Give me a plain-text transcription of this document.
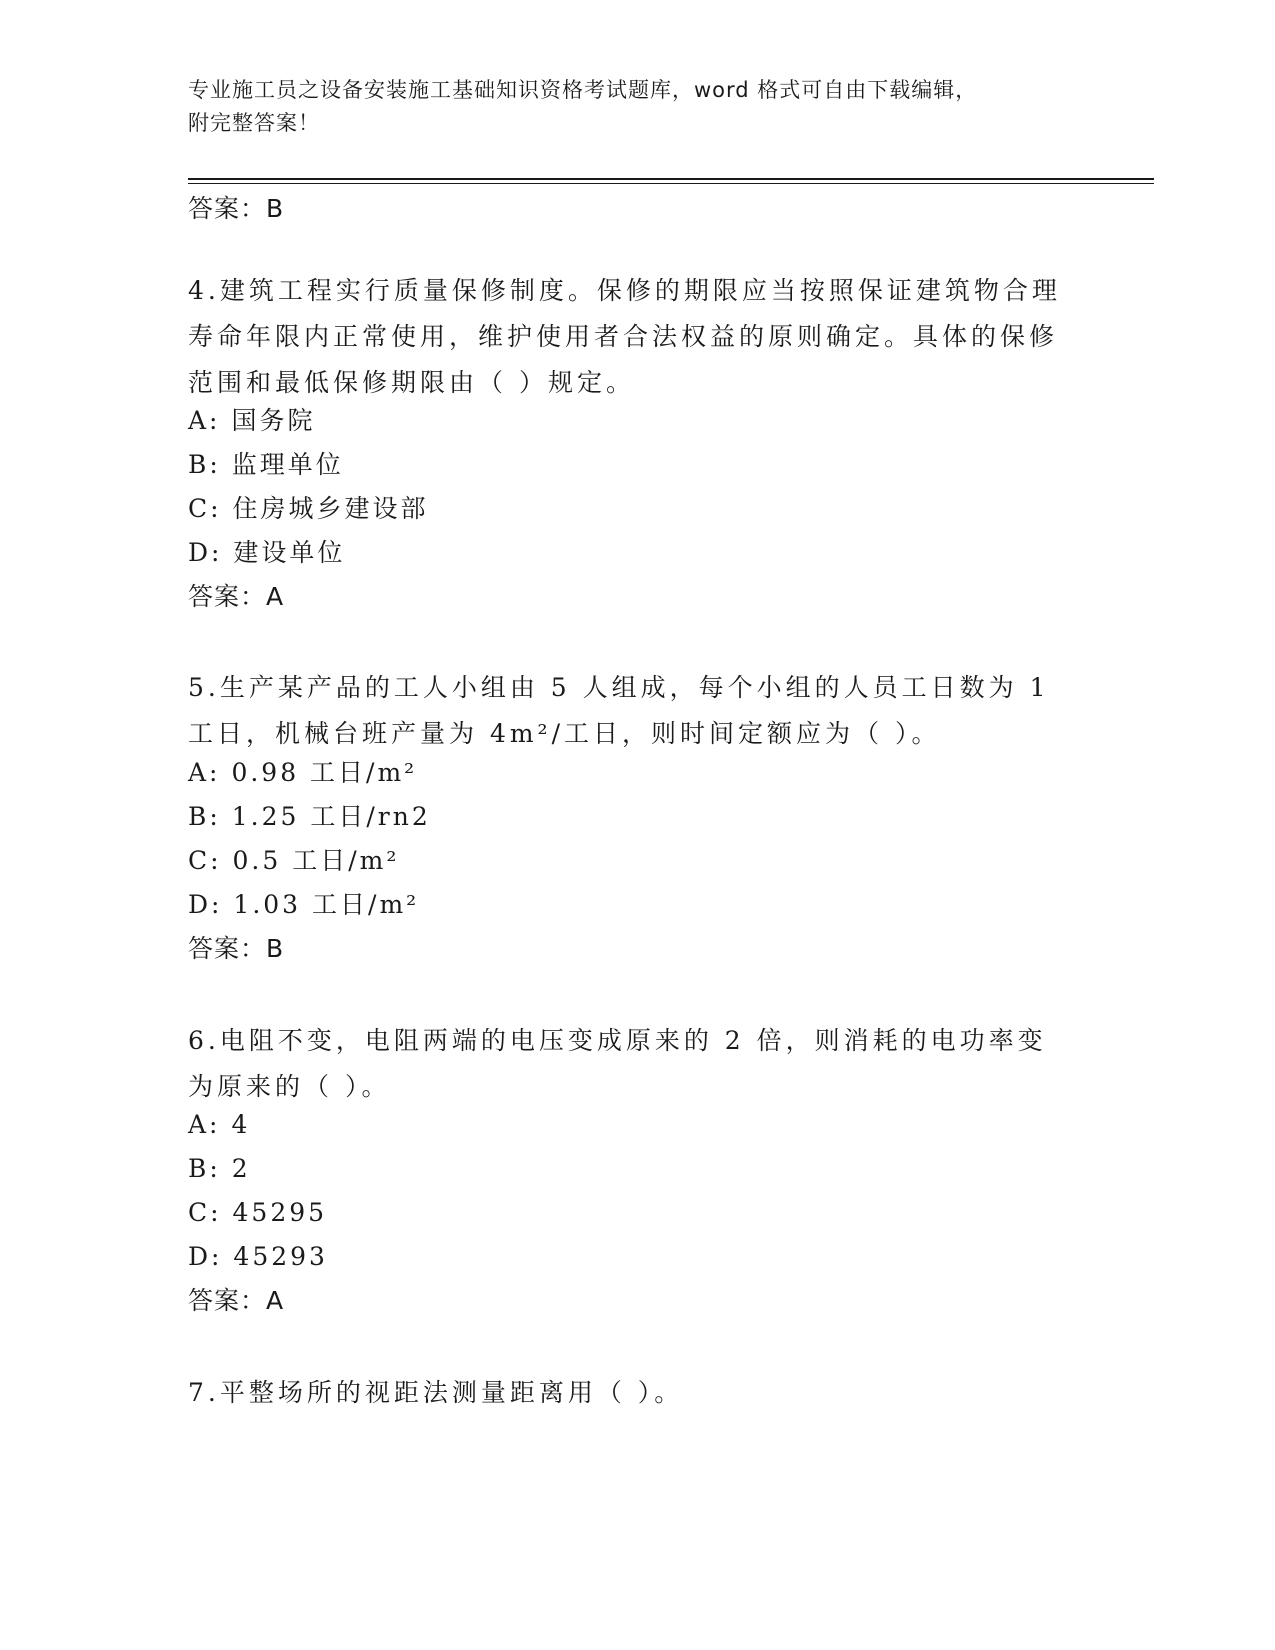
专业施工员之设备安装施工基础知识资格考试题库，word 格式可自由下载编辑，
附完整答案！
答案：B
4.建筑工程实行质量保修制度。保修的期限应当按照保证建筑物合理寿命年限内正常使用，维护使用者合法权益的原则确定。具体的保修范围和最低保修期限由（ ）规定。
A: 国务院
B: 监理单位
C: 住房城乡建设部
D: 建设单位
答案：A
5.生产某产品的工人小组由 5 人组成，每个小组的人员工日数为 1 工日，机械台班产量为 4m²/工日，则时间定额应为（ ）。
A: 0.98 工日/m²
B: 1.25 工日/rn2
C: 0.5 工日/m²
D: 1.03 工日/m²
答案：B
6.电阻不变，电阻两端的电压变成原来的 2 倍，则消耗的电功率变为原来的（ ）。
A: 4
B: 2
C: 45295
D: 45293
答案：A
7.平整场所的视距法测量距离用（ ）。
